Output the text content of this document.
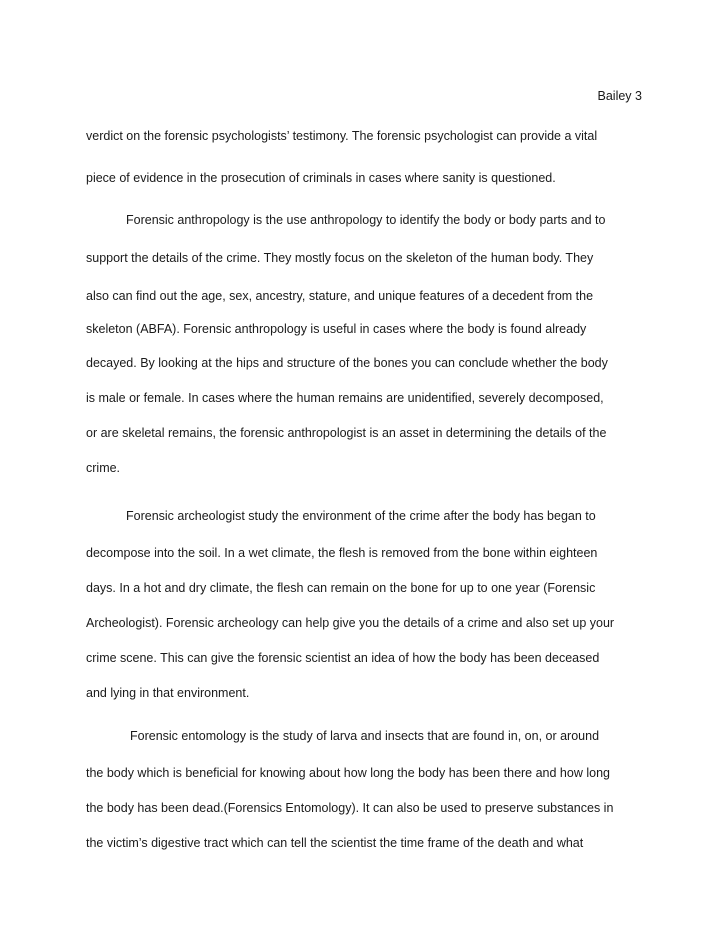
Bailey 3
verdict on the forensic psychologists’ testimony. The forensic psychologist can provide a vital
piece of evidence in the prosecution of criminals in cases where sanity is questioned.
Forensic anthropology is the use anthropology to identify the body or body parts and to
support the details of the crime. They mostly focus on the skeleton of the human body. They
also can find out the age, sex, ancestry, stature, and unique features of a decedent from the
skeleton (ABFA). Forensic anthropology is useful in cases where the body is found already
decayed. By looking at the hips and structure of the bones you can conclude whether the body
is male or female. In cases where the human remains are unidentified, severely decomposed,
or are skeletal remains, the forensic anthropologist is an asset in determining the details of the
crime.
Forensic archeologist study the environment of the crime after the body has began to
decompose into the soil. In a wet climate, the flesh is removed from the bone within eighteen
days. In a hot and dry climate, the flesh can remain on the bone for up to one year (Forensic
Archeologist). Forensic archeology can help give you the details of a crime and also set up your
crime scene. This can give the forensic scientist an idea of how the body has been deceased
and lying in that environment.
Forensic entomology is the study of larva and insects that are found in, on, or around
the body which is beneficial for knowing about how long the body has been there and how long
the body has been dead.(Forensics Entomology). It can also be used to preserve substances in
the victim’s digestive tract which can tell the scientist the time frame of the death and what
